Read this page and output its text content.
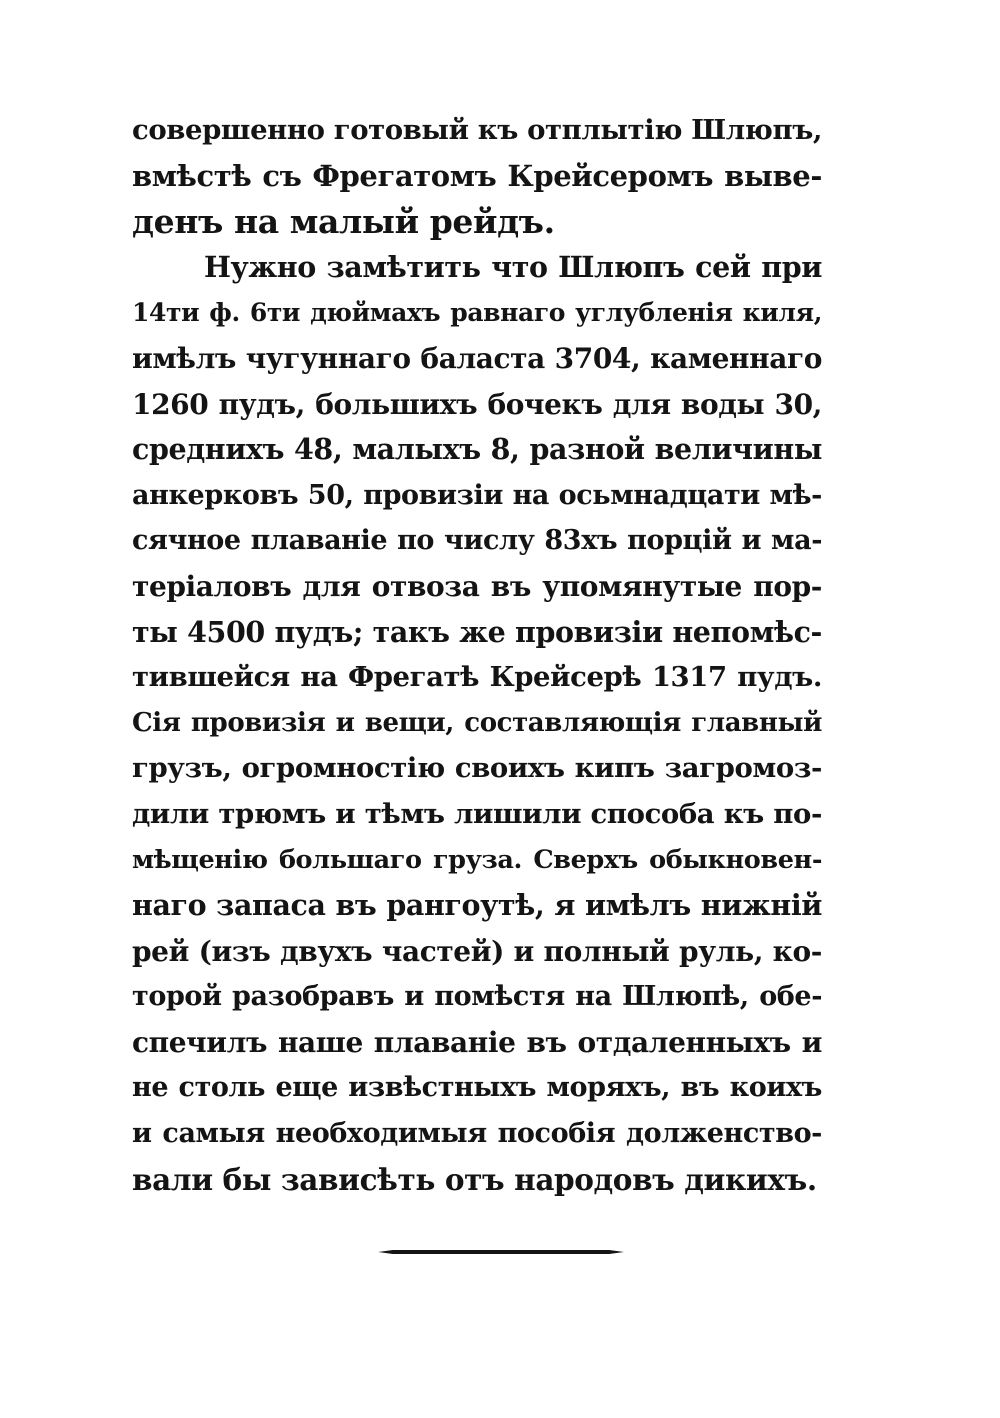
совершенно готовый къ отплытію Шлюпъ,
вмѣстѣ съ Фрегатомъ Крейсеромъ выве-
денъ на малый рейдъ.
Нужно замѣтить что Шлюпъ сей при
14ти ф. 6ти дюймахъ равнаго углубленія киля,
имѣлъ чугуннаго баласта 3704, каменнаго
1260 пудъ, большихъ бочекъ для воды 30,
среднихъ 48, малыхъ 8, разной величины
анкерковъ 50, провизіи на осьмнадцати мѣ-
сячное плаваніе по числу 83хъ порцій и ма-
теріаловъ для отвоза въ упомянутые пор-
ты 4500 пудъ; такъ же провизіи непомѣс-
тившейся на Фрегатѣ Крейсерѣ 1317 пудъ.
Сія провизія и вещи, составляющія главный
грузъ, огромностію своихъ кипъ загромоз-
дили трюмъ и тѣмъ лишили способа къ по-
мѣщенію большаго груза. Сверхъ обыкновен-
наго запаса въ рангоутѣ, я имѣлъ нижній
рей (изъ двухъ частей) и полный руль, ко-
торой разобравъ и помѣстя на Шлюпѣ, обе-
спечилъ наше плаваніе въ отдаленныхъ и
не столь еще извѣстныхъ моряхъ, въ коихъ
и самыя необходимыя пособія долженство-
вали бы зависѣть отъ народовъ дикихъ.
